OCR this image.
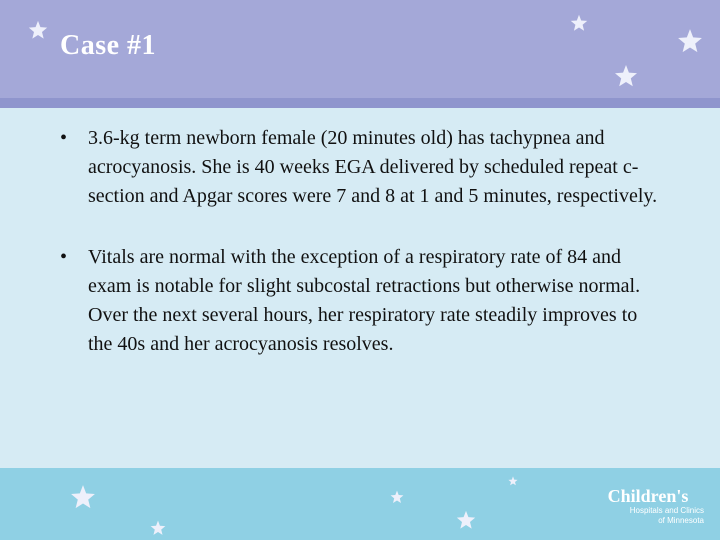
Case #1
• 3.6-kg term newborn female (20 minutes old) has tachypnea and acrocyanosis. She is 40 weeks EGA delivered by scheduled repeat c-section and Apgar scores were 7 and 8 at 1 and 5 minutes, respectively.
• Vitals are normal with the exception of a respiratory rate of 84 and exam is notable for slight subcostal retractions but otherwise normal. Over the next several hours, her respiratory rate steadily improves to the 40s and her acrocyanosis resolves.
Children's
Hospitals and Clinics
of Minnesota
